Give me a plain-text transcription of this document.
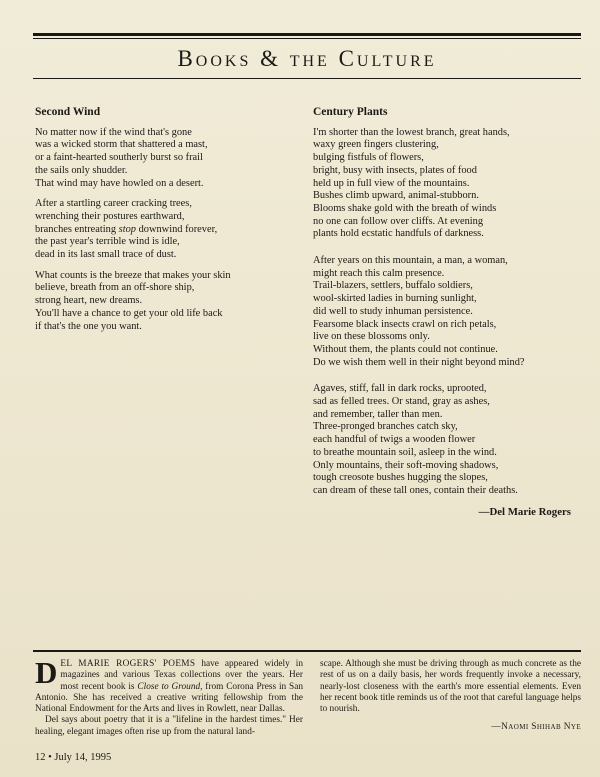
Books & the Culture
Second Wind
No matter now if the wind that's gone
was a wicked storm that shattered a mast,
or a faint-hearted southerly burst so frail
the sails only shudder.
That wind may have howled on a desert.
After a startling career cracking trees,
wrenching their postures earthward,
branches entreating stop downwind forever,
the past year's terrible wind is idle,
dead in its last small trace of dust.
What counts is the breeze that makes your skin
believe, breath from an off-shore ship,
strong heart, new dreams.
You'll have a chance to get your old life back
if that's the one you want.
Century Plants
I'm shorter than the lowest branch, great hands,
waxy green fingers clustering,
bulging fistfuls of flowers,
bright, busy with insects, plates of food
held up in full view of the mountains.
Bushes climb upward, animal-stubborn.
Blooms shake gold with the breath of winds
no one can follow over cliffs. At evening
plants hold ecstatic handfuls of darkness.
After years on this mountain, a man, a woman,
might reach this calm presence.
Trail-blazers, settlers, buffalo soldiers,
wool-skirted ladies in burning sunlight,
did well to study inhuman persistence.
Fearsome black insects crawl on rich petals,
live on these blossoms only.
Without them, the plants could not continue.
Do we wish them well in their night beyond mind?
Agaves, stiff, fall in dark rocks, uprooted,
sad as felled trees. Or stand, gray as ashes,
and remember, taller than men.
Three-pronged branches catch sky,
each handful of twigs a wooden flower
to breathe mountain soil, asleep in the wind.
Only mountains, their soft-moving shadows,
tough creosote bushes hugging the slopes,
can dream of these tall ones, contain their deaths.
—Del Marie Rogers
DEL MARIE ROGERS' POEMS have appeared widely in magazines and various Texas collections over the years. Her most recent book is Close to Ground, from Corona Press in San Antonio. She has received a creative writing fellowship from the National Endowment for the Arts and lives in Rowlett, near Dallas.
Del says about poetry that it is a "lifeline in the hardest times." Her healing, elegant images often rise up from the natural land-
scape. Although she must be driving through as much concrete as the rest of us on a daily basis, her words frequently invoke a necessary, nearly-lost closeness with the earth's more essential elements. Even her recent book title reminds us of the root that careful language helps to nourish.
—Naomi Shihab Nye
12 • July 14, 1995
